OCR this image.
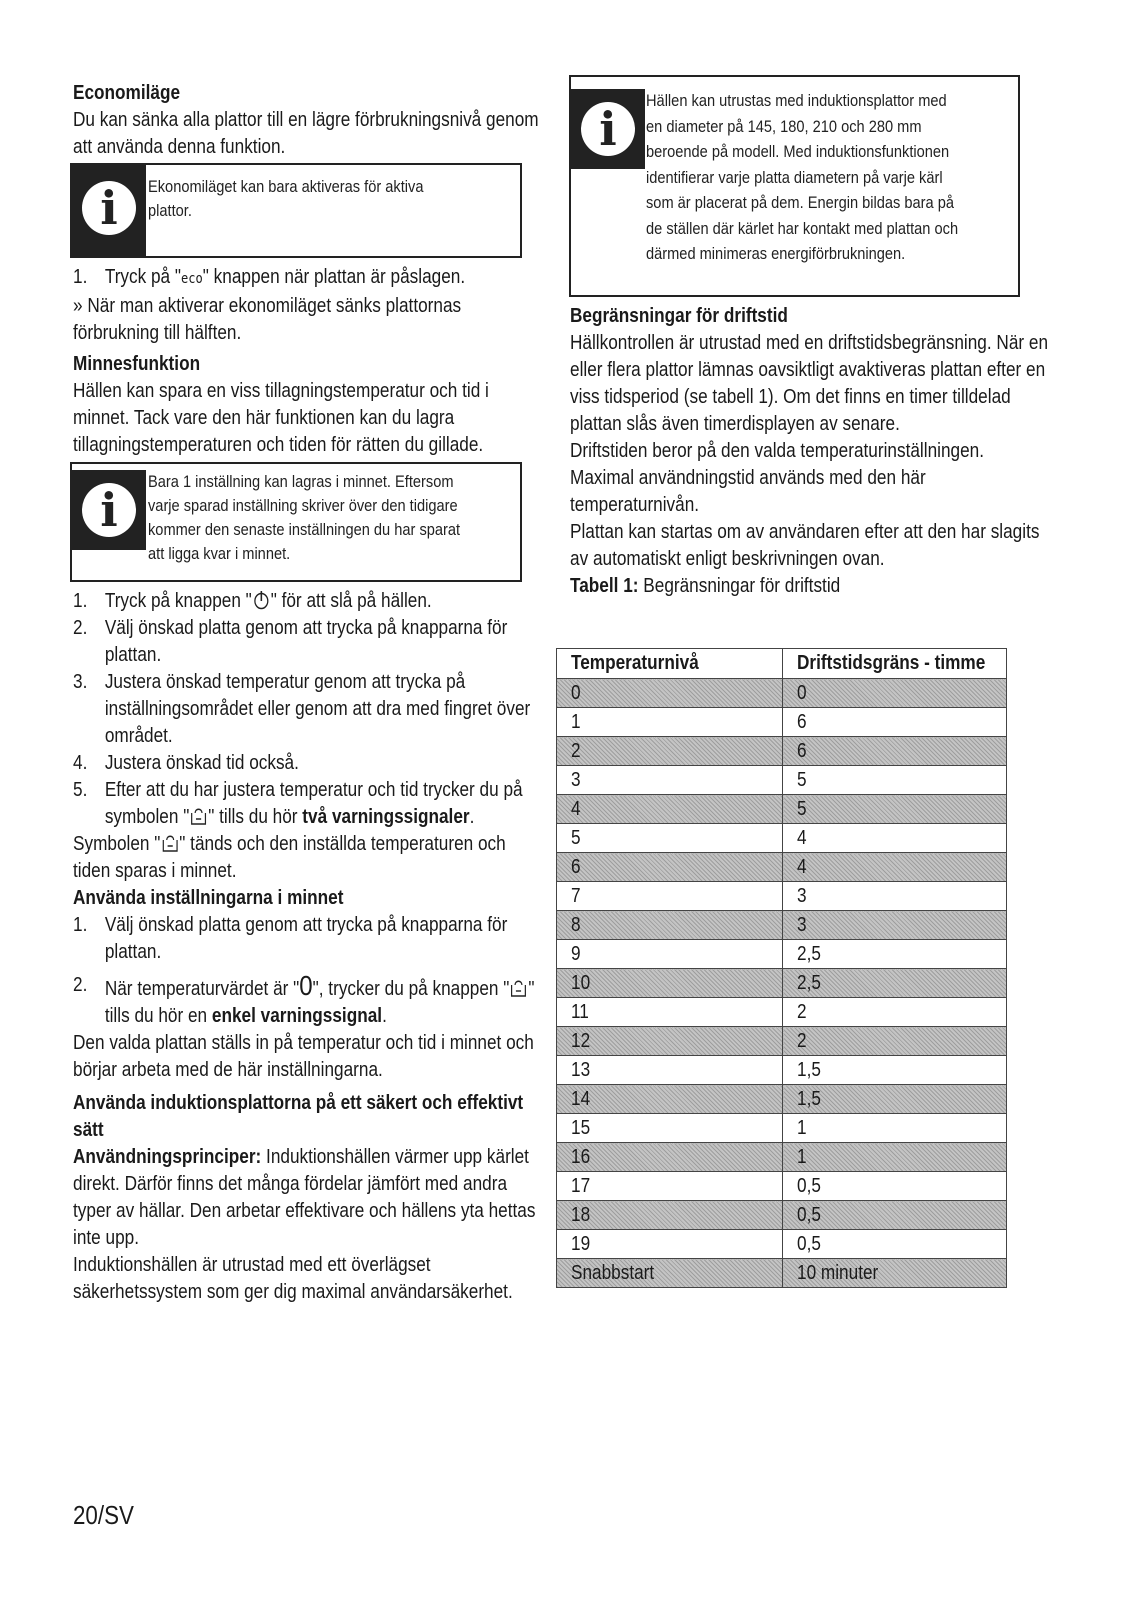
Economiläge
Du kan sänka alla plattor till en lägre förbrukningsnivå genom att använda denna funktion.
i	Ekonomiläget kan bara aktiveras för aktiva plattor.
1. Tryck på "eco" knappen när plattan är påslagen.
» När man aktiverar ekonomiläget sänks plattornas förbrukning till hälften.
Minnesfunktion
Hällen kan spara en viss tillagningstemperatur och tid i minnet. Tack vare den här funktionen kan du lagra tillagningstemperaturen och tiden för rätten du gillade.
i
Bara 1 inställning kan lagras i minnet. Eftersom varje sparad inställning skriver över den tidigare kommer den senaste inställningen du har sparat att ligga kvar i minnet.
1. Tryck på knappen " " för att slå på hällen.
2. Välj önskad platta genom att trycka på knapparna för plattan.
3. Justera önskad temperatur genom att trycka på inställningsområdet eller genom att dra med fingret över området.
4. Justera önskad tid också.
5. Efter att du har justera temperatur och tid trycker du på symbolen " " tills du hör två varningssignaler.
Symbolen " " tänds och den inställda temperaturen och tiden sparas i minnet.
Använda inställningarna i minnet
1. Välj önskad platta genom att trycka på knapparna för plattan.
2. När temperaturvärdet är "0", trycker du på knappen " " tills du hör en enkel varningssignal.
Den valda plattan ställs in på temperatur och tid i minnet och börjar arbeta med de här inställningarna.
Använda induktionsplattorna på ett säkert och effektivt sätt
Användningsprinciper: Induktionshällen värmer upp kärlet direkt. Därför finns det många fördelar jämfört med andra typer av hällar. Den arbetar effektivare och hällens yta hettas inte upp.
Induktionshällen är utrustad med ett överlägset säkerhetssystem som ger dig maximal användarsäkerhet.
i
Hällen kan utrustas med induktionsplattor med en diameter på 145, 180, 210 och 280 mm beroende på modell. Med induktionsfunktionen identifierar varje platta diametern på varje kärl som är placerat på dem. Energin bildas bara på de ställen där kärlet har kontakt med plattan och därmed minimeras energiförbrukningen.
Begränsningar för driftstid
Hällkontrollen är utrustad med en driftstidsbegränsning. När en eller flera plattor lämnas oavsiktligt avaktiveras plattan efter en viss tidsperiod (se tabell 1). Om det finns en timer tilldelad plattan slås även timerdisplayen av senare.
Driftstiden beror på den valda temperaturinställningen. Maximal användningstid används med den här temperaturnivån.
Plattan kan startas om av användaren efter att den har slagits av automatiskt enligt beskrivningen ovan.
Tabell 1: Begränsningar för driftstid
Temperaturnivå	Driftstidsgräns - timme

0	0
1	6
2	6
3	5
4	5
5	4
6	4
7	3
8	3
9	2,5
10	2,5
11	2
12	2
13	1,5
14	1,5
15	1
16	1
17	0,5
18	0,5
19	0,5
Snabbstart	10 minuter
20/SV
